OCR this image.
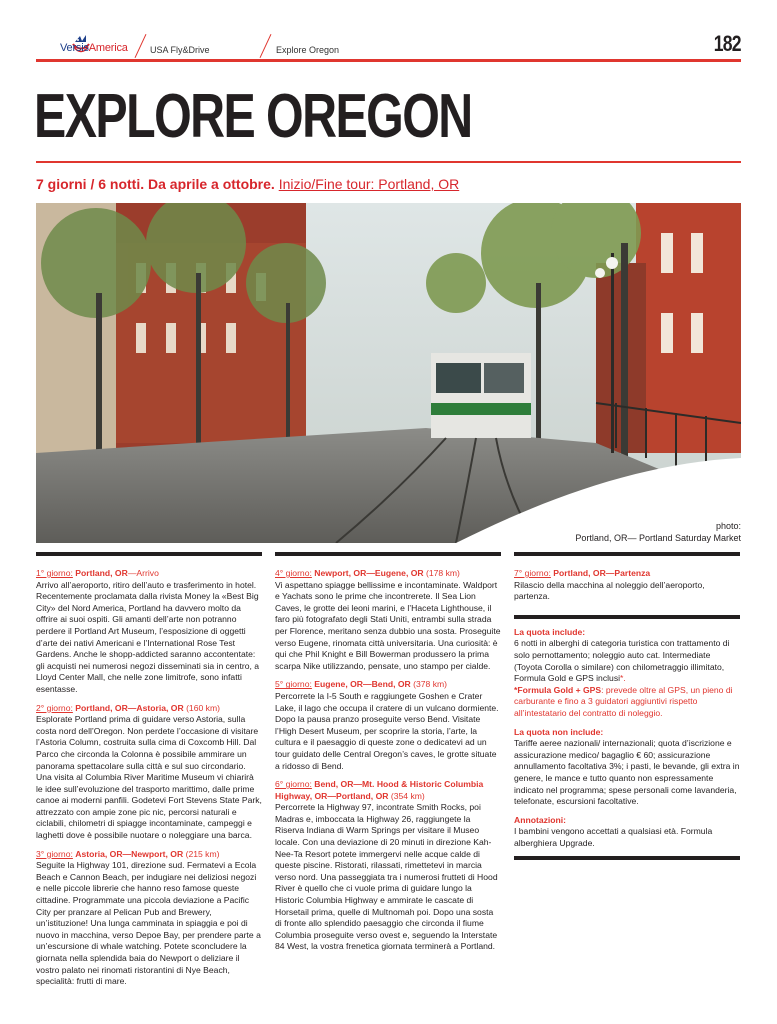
VersisAmerica USA Fly&Drive	Explore Oregon	182
EXPLORE OREGON
7 giorni / 6 notti. Da aprile a ottobre. Inizio/Fine tour: Portland, OR
photo:
Portland, OR— Portland Saturday Market

1° giorno: Portland, OR—Arrivo
Arrivo all’aeroporto, ritiro dell’auto e trasferimento in hotel. Recentemente proclamata dalla rivista Money la «Best Big City» del Nord America, Portland ha davvero molto da offrire ai suoi ospiti. Gli amanti dell’arte non potranno perdere il Portland Art Museum, l’esposizione di oggetti d’arte dei nativi Americani e l’International Rose Test Gardens. Anche le shopp-addicted saranno accontentate: gli acquisti nei numerosi negozi disseminati sia in centro, a Lloyd Center Mall, che nelle zone limitrofe, sono infatti esentasse.

2° giorno: Portland, OR—Astoria, OR (160 km)
Esplorate Portland prima di guidare verso Astoria, sulla costa nord dell’Oregon. Non perdete l’occasione di visitare l’Astoria Column, costruita sulla cima di Coxcomb Hill. Dal Parco che circonda la Colonna è possibile ammirare un panorama spettacolare sulla città e sul suo circondario. Una visita al Columbia River Maritime Museum vi chiarirà le idee sull’evoluzione del trasporto marittimo, dalle prime canoe ai moderni panfili. Godetevi Fort Stevens State Park, attrezzato con ampie zone pic nic, percorsi naturali e ciclabili, chilometri di spiagge incontaminate, campeggi e laghetti dove è possibile nuotare o noleggiare una barca.

3° giorno: Astoria, OR—Newport, OR (215 km)
Seguite la Highway 101, direzione sud. Fermatevi a Ecola Beach e Cannon Beach, per indugiare nei deliziosi negozi e nelle piccole librerie che hanno reso famose queste cittadine. Programmate una piccola deviazione a Pacific City per pranzare al Pelican Pub and Brewery, un’istituzione! Una lunga camminata in spiaggia e poi di nuovo in macchina, verso Depoe Bay, per prendere parte a un’escursione di whale watching. Potete sconcludere la giornata nella splendida baia do Newport o deliziare il vostro palato nei rinomati ristorantini di Nye Beach, specialità: frutti di mare.

4° giorno: Newport, OR—Eugene, OR (178 km)
Vi aspettano spiagge bellissime e incontaminate. Waldport e Yachats sono le prime che incontrerete. Il Sea Lion Caves, le grotte dei leoni marini, e l’Haceta Lighthouse, il faro più fotografato degli Stati Uniti, entrambi sulla strada per Florence, meritano senza dubbio una sosta. Proseguite verso Eugene, rinomata città universitaria. Una curiosità: è qui che Phil Knight e Bill Bowerman produssero la prima scarpa Nike utilizzando, pensate, uno stampo per cialde.

5° giorno: Eugene, OR—Bend, OR (378 km)
Percorrete la I-5 South e raggiungete Goshen e Crater Lake, il lago che occupa il cratere di un vulcano dormiente. Dopo la pausa pranzo proseguite verso Bend. Visitate l’High Desert Museum, per scoprire la storia, l’arte, la cultura e il paesaggio di queste zone o dedicatevi ad un tour guidato delle Central Oregon’s caves, le grotte situate a ridosso di Bend.

6° giorno: Bend, OR—Mt. Hood & Historic Columbia Highway, OR—Portland, OR (354 km)
Percorrete la Highway 97, incontrate Smith Rocks, poi Madras e, imboccata la Highway 26, raggiungete la Riserva Indiana di Warm Springs per visitare il Museo locale. Con una deviazione di 20 minuti in direzione Kah-Nee-Ta Resort potete immergervi nelle acque calde di queste piscine. Ristorati, rilassati, rimettetevi in marcia verso nord. Una passeggiata tra i numerosi frutteti di Hood River è quello che ci vuole prima di guidare lungo la Historic Columbia Highway e ammirate le cascate di Horsetail prima, quelle di Multnomah poi. Dopo una sosta di fronte allo splendido paesaggio che circonda il fiume Columbia proseguite verso ovest e, seguendo la Interstate 84 West, la vostra frenetica giornata terminerà a Portland.

7° giorno: Portland, OR—Partenza
Rilascio della macchina al noleggio dell’aeroporto, partenza.

La quota include:
6 notti in alberghi di categoria turistica con trattamento di solo pernottamento; noleggio auto cat. Intermediate (Toyota Corolla o similare) con chilometraggio illimitato, Formula Gold e GPS inclusi*.
*Formula Gold + GPS: prevede oltre al GPS, un pieno di carburante e fino a 3 guidatori aggiuntivi rispetto all’intestatario del contratto di noleggio.

La quota non include:
Tariffe aeree nazionali/ internazionali; quota d’iscrizione e assicurazione medico/ bagaglio € 60; assicurazione annullamento facoltativa 3%; i pasti, le bevande, gli extra in genere, le mance e tutto quanto non espressamente indicato nel programma; spese personali come lavanderia, telefonate, escursioni facoltative.

Annotazioni:
I bambini vengono accettati a qualsiasi età. Formula alberghiera Upgrade.
